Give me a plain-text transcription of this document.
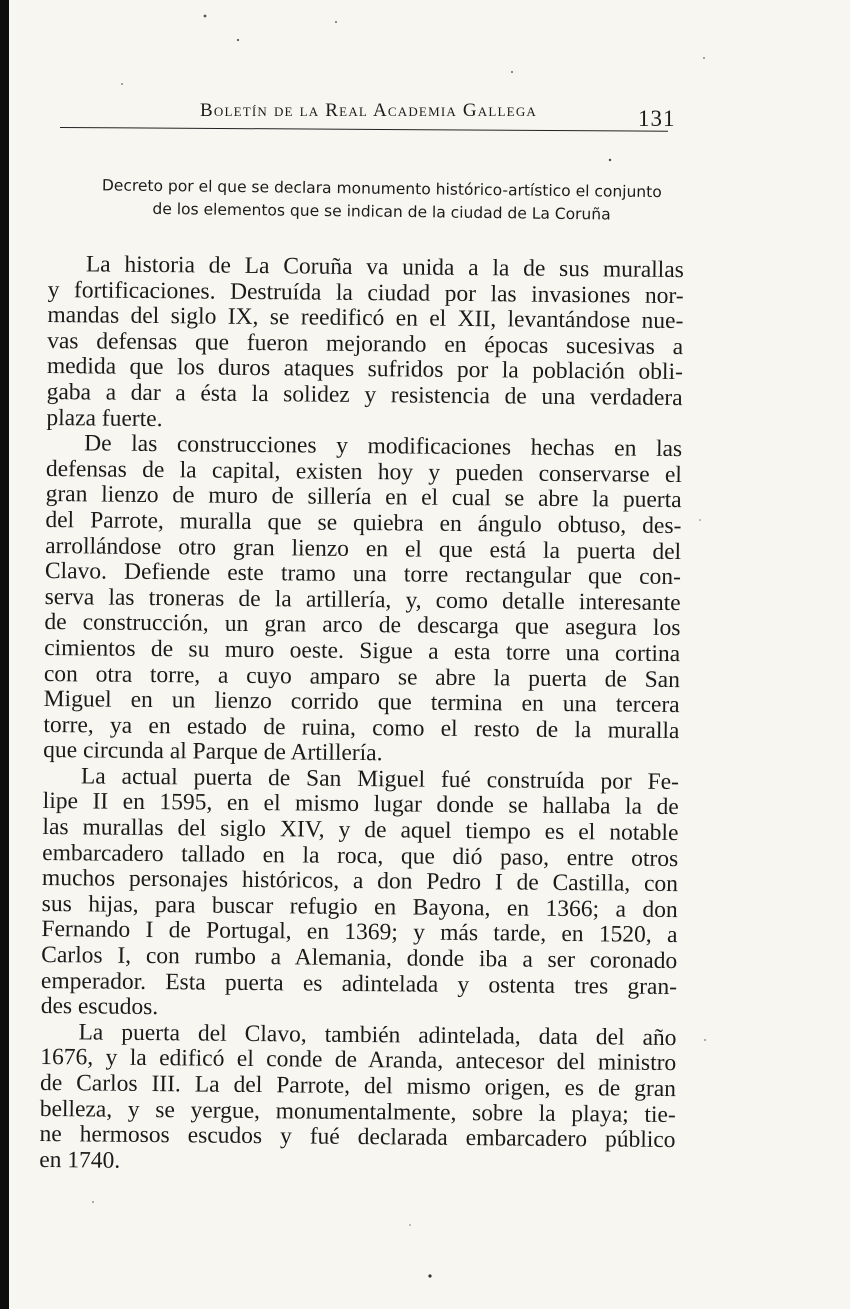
Boletín de la Real Academia Gallega	131
Decreto por el que se declara monumento histórico-artístico el conjunto
de los elementos que se indican de la ciudad de La Coruña
La historia de La Coruña va unida a la de sus murallas
y fortificaciones. Destruída la ciudad por las invasiones nor-
mandas del siglo IX, se reedificó en el XII, levantándose nue-
vas defensas que fueron mejorando en épocas sucesivas a
medida que los duros ataques sufridos por la población obli-
gaba a dar a ésta la solidez y resistencia de una verdadera
plaza fuerte.
De las construcciones y modificaciones hechas en las
defensas de la capital, existen hoy y pueden conservarse el
gran lienzo de muro de sillería en el cual se abre la puerta
del Parrote, muralla que se quiebra en ángulo obtuso, des-
arrollándose otro gran lienzo en el que está la puerta del
Clavo. Defiende este tramo una torre rectangular que con-
serva las troneras de la artillería, y, como detalle interesante
de construcción, un gran arco de descarga que asegura los
cimientos de su muro oeste. Sigue a esta torre una cortina
con otra torre, a cuyo amparo se abre la puerta de San
Miguel en un lienzo corrido que termina en una tercera
torre, ya en estado de ruina, como el resto de la muralla
que circunda al Parque de Artillería.
La actual puerta de San Miguel fué construída por Fe-
lipe II en 1595, en el mismo lugar donde se hallaba la de
las murallas del siglo XIV, y de aquel tiempo es el notable
embarcadero tallado en la roca, que dió paso, entre otros
muchos personajes históricos, a don Pedro I de Castilla, con
sus hijas, para buscar refugio en Bayona, en 1366; a don
Fernando I de Portugal, en 1369; y más tarde, en 1520, a
Carlos I, con rumbo a Alemania, donde iba a ser coronado
emperador. Esta puerta es adintelada y ostenta tres gran-
des escudos.
La puerta del Clavo, también adintelada, data del año
1676, y la edificó el conde de Aranda, antecesor del ministro
de Carlos III. La del Parrote, del mismo origen, es de gran
belleza, y se yergue, monumentalmente, sobre la playa; tie-
ne hermosos escudos y fué declarada embarcadero público
en 1740.
